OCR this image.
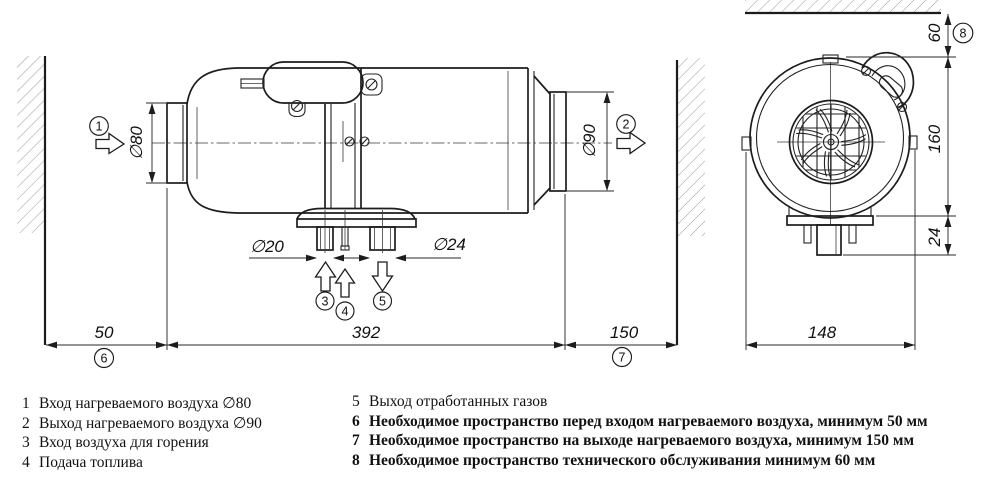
∅80	∅90
∅20	∅24
50	392	150	148
60
160
24
1	2
3
4
5
6	7
8
1 Вход нагреваемого воздуха ∅80
2 Выход нагреваемого воздуха ∅90
3 Вход воздуха для горения
4 Подача топлива
5 Выход отработанных газов
6 Необходимое пространство перед входом нагреваемого воздуха, минимум 50 мм
7 Необходимое пространство на выходе нагреваемого воздуха, минимум 150 мм
8 Необходимое пространство технического обслуживания минимум 60 мм
